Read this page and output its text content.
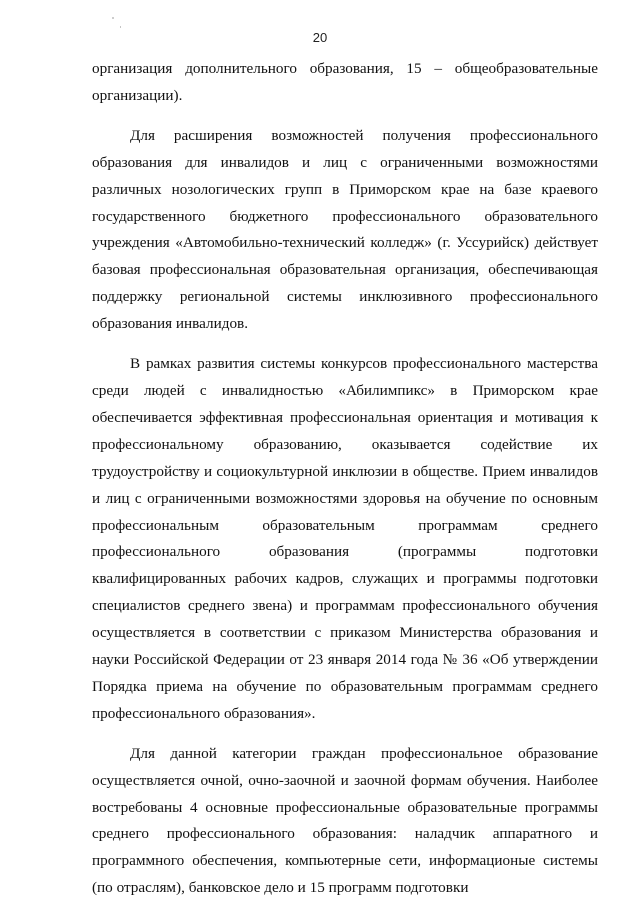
20

организация дополнительного образования, 15 – общеобразовательные организации).

Для расширения возможностей получения профессионального образования для инвалидов и лиц с ограниченными возможностями различных нозологических групп в Приморском крае на базе краевого государственного бюджетного профессионального образовательного учреждения «Автомобильно-технический колледж» (г. Уссурийск) действует базовая профессиональная образовательная организация, обеспечивающая поддержку региональной системы инклюзивного профессионального образования инвалидов.

В рамках развития системы конкурсов профессионального мастерства среди людей с инвалидностью «Абилимпикс» в Приморском крае обеспечивается эффективная профессиональная ориентация и мотивация к профессиональному образованию, оказывается содействие их трудоустройству и социокультурной инклюзии в обществе. Прием инвалидов и лиц с ограниченными возможностями здоровья на обучение по основным профессиональным образовательным программам среднего профессионального образования (программы подготовки квалифицированных рабочих кадров, служащих и программы подготовки специалистов среднего звена) и программам профессионального обучения осуществляется в соответствии с приказом Министерства образования и науки Российской Федерации от 23 января 2014 года № 36 «Об утверждении Порядка приема на обучение по образовательным программам среднего профессионального образования».

Для данной категории граждан профессиональное образование осуществляется очной, очно-заочной и заочной формам обучения. Наиболее востребованы 4 основные профессиональные образовательные программы среднего профессионального образования: наладчик аппаратного и программного обеспечения, компьютерные сети, информационые системы (по отраслям), банковское дело и 15 программ подготовки
